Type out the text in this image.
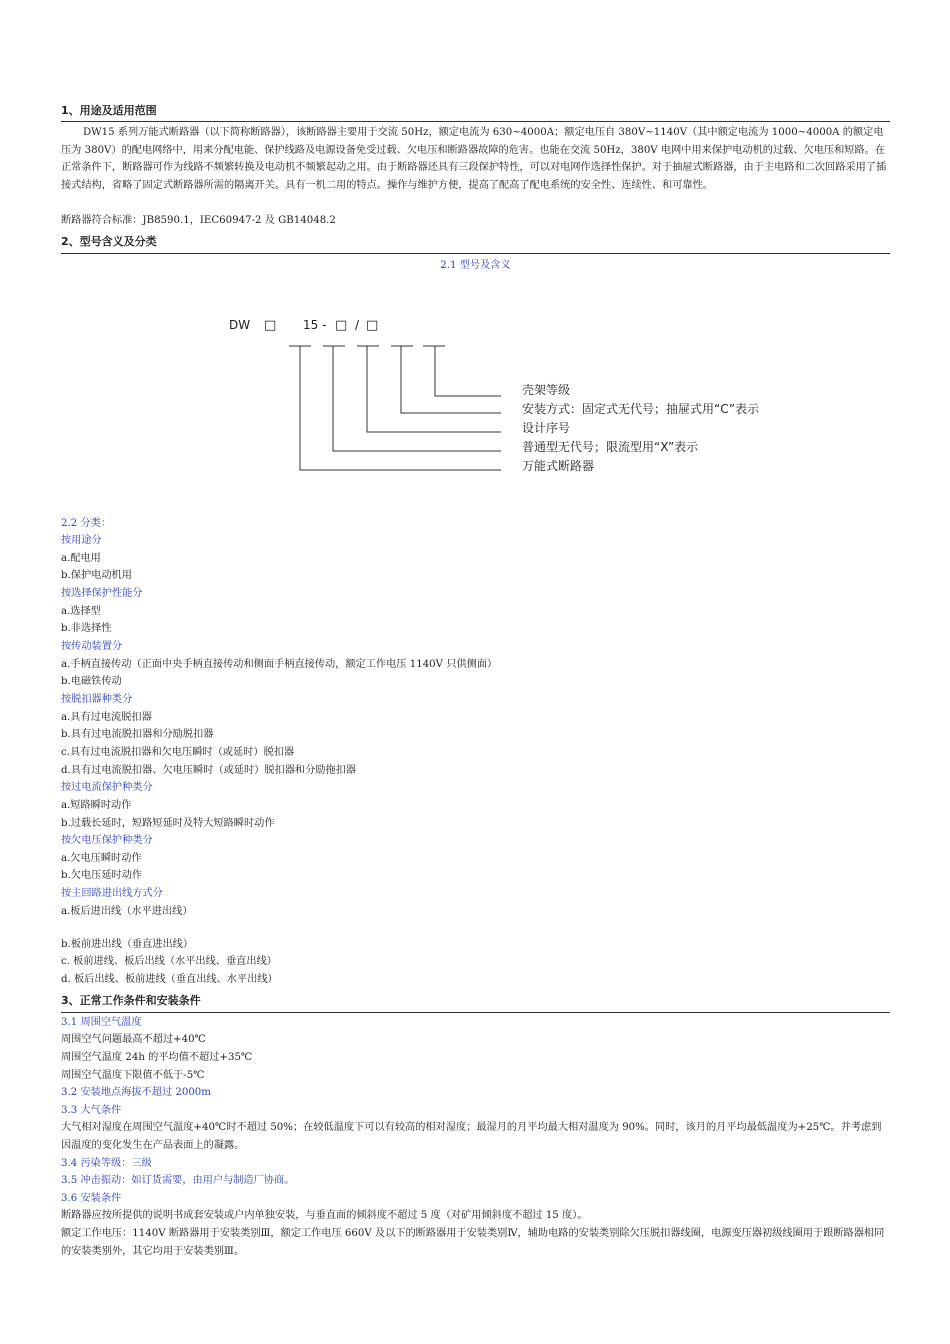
1、用途及适用范围
DW15 系列万能式断路器（以下简称断路器），该断路器主要用于交流 50Hz，额定电流为 630~4000A；额定电压自 380V~1140V（其中额定电流为 1000~4000A 的额定电压为 380V）的配电网络中，用来分配电能、保护线路及电源设备免受过载、欠电压和断路器故障的危害。也能在交流 50Hz，380V 电网中用来保护电动机的过载、欠电压和短路。在正常条件下，断路器可作为线路不频繁转换及电动机不频繁起动之用。由于断路器还具有三段保护特性，可以对电网作选择性保护。对于抽屉式断路器，由于主电路和二次回路采用了插接式结构，省略了固定式断路器所需的隔离开关。具有一机二用的特点。操作与维护方便，提高了配高了配电系统的安全性、连续性、和可靠性。
断路器符合标准：JB8590.1，IEC60947-2 及 GB14048.2
2、型号含义及分类
2.1 型号及含义
DW □ 15 - □ / □
壳架等级
安装方式：固定式无代号；抽屉式用“C”表示
设计序号
普通型无代号；限流型用“X”表示
万能式断路器
2.2 分类：
按用途分
a.配电用
b.保护电动机用
按选择保护性能分
a.选择型
b.非选择性
按传动装置分
a.手柄直接传动（正面中央手柄直接传动和侧面手柄直接传动，额定工作电压 1140V 只供侧面）
b.电磁铁传动
按脱扣器种类分
a.具有过电流脱扣器
b.具有过电流脱扣器和分励脱扣器
c.具有过电流脱扣器和欠电压瞬时（或延时）脱扣器
d.具有过电流脱扣器、欠电压瞬时（或延时）脱扣器和分励拖扣器
按过电流保护种类分
a.短路瞬时动作
b.过载长延时，短路短延时及特大短路瞬时动作
按欠电压保护种类分
a.欠电压瞬时动作
b.欠电压延时动作
按主回路进出线方式分
a.板后进出线（水平进出线）
b.板前进出线（垂直进出线）
c. 板前进线、板后出线（水平出线、垂直出线）
d. 板后出线、板前进线（垂直出线、水平出线）
3、正常工作条件和安装条件
3.1 周围空气温度
周围空气问题最高不超过+40℃
周围空气温度 24h 的平均值不超过+35℃
周围空气温度下限值不低于-5℃
3.2 安装地点海拔不超过 2000m
3.3 大气条件
大气相对湿度在周围空气温度+40℃时不超过 50%；在较低温度下可以有较高的相对湿度；最湿月的月平均最大相对温度为 90%。同时，该月的月平均最低温度为+25℃。并考虑到因温度的变化发生在产品表面上的凝露。
3.4 污染等级：三级
3.5 冲击振动：如订货需要，由用户与制造厂协商。
3.6 安装条件
断路器应按所提供的说明书成套安装或户内单独安装，与垂直面的倾斜度不超过 5 度（对矿用倾斜度不超过 15 度）。
额定工作电压：1140V 断路器用于安装类别Ⅲ，额定工作电压 660V 及以下的断路器用于安装类别Ⅳ，辅助电路的安装类别除欠压脱扣器线圈，电源变压器初级线圈用于跟断路器相同的安装类别外，其它均用于安装类别Ⅲ。
